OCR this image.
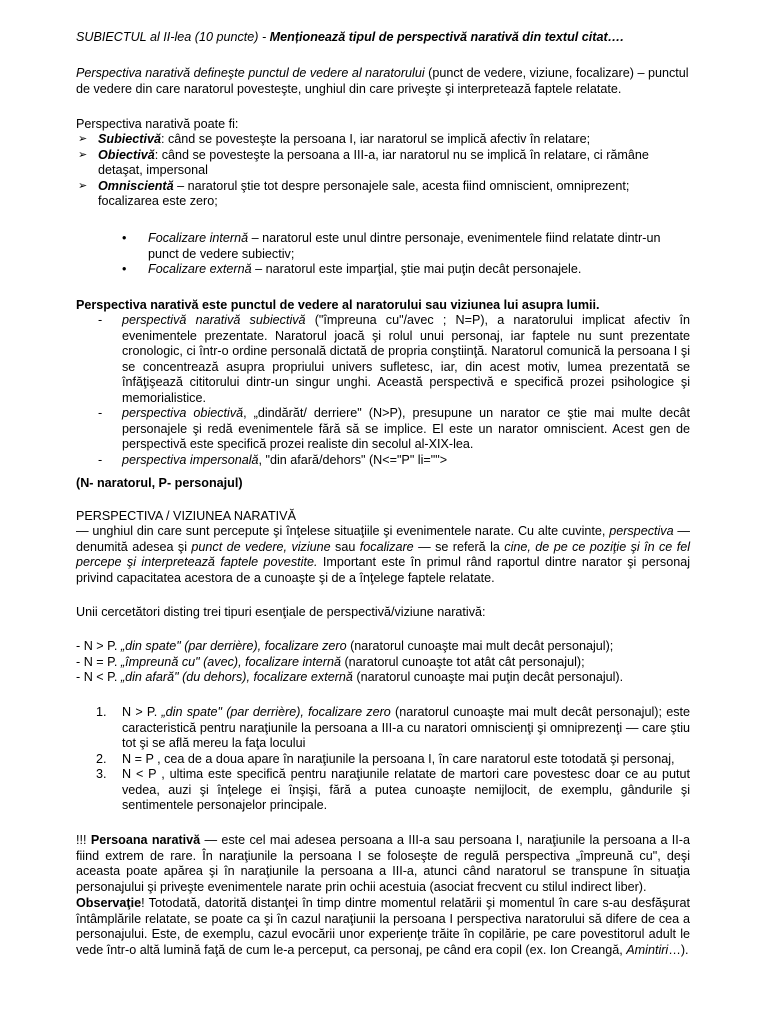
SUBIECTUL al II-lea (10 puncte) - Menționează tipul de perspectivă narativă din textul citat….

Perspectiva narativă defineşte punctul de vedere al naratorului (punct de vedere, viziune, focalizare) – punctul de vedere din care naratorul povesteşte, unghiul din care priveşte şi interpretează faptele relatate.

Perspectiva narativă poate fi:

➢ Subiectivă: când se povesteşte la persoana I, iar naratorul se implică afectiv în relatare;
➢ Obiectivă: când se povesteşte la persoana a III-a, iar naratorul nu se implică în relatare, ci rămâne detaşat, impersonal
➢ Omniscientă – naratorul ştie tot despre personajele sale, acesta fiind omniscient, omniprezent; focalizarea este zero;
• Focalizare internă – naratorul este unul dintre personaje, evenimentele fiind relatate dintr-un punct de vedere subiectiv;
• Focalizare externă – naratorul este imparţial, ştie mai puţin decât personajele.

Perspectiva narativă este punctul de vedere al naratorului sau viziunea lui asupra lumii.

- perspectivă narativă subiectivă ("împreuna cu"/avec ; N=P), a naratorului implicat afectiv în evenimentele prezentate. Naratorul joacă şi rolul unui personaj, iar faptele nu sunt prezentate cronologic, ci într-o ordine personală dictată de propria conştiinţă. Naratorul comunică la persoana I şi se concentrează asupra propriului univers sufletesc, iar, din acest motiv, lumea prezentată se înfăţişează cititorului dintr-un singur unghi. Această perspectivă e specifică prozei psihologice şi memorialistice.
- perspectiva obiectivă, „dindărăt/ derriere" (N>P), presupune un narator ce ştie mai multe decât personajele şi redă evenimentele fără să se implice. El este un narator omniscient. Acest gen de perspectivă este specifică prozei realiste din secolul al-XIX-lea.
- perspectiva impersonală, "din afară/dehors" (N<="P" li="">

(N- naratorul, P- personajul)

PERSPECTIVA / VIZIUNEA NARATIVĂ

— unghiul din care sunt percepute şi înţelese situaţiile şi evenimentele narate. Cu alte cuvinte, perspectiva — denumită adesea şi punct de vedere, viziune sau focalizare — se referă la cine, de pe ce poziţie şi în ce fel percepe şi interpretează faptele povestite. Important este în primul rând raportul dintre narator şi personaj privind capacitatea acestora de a cunoaşte şi de a înţelege faptele relatate.

Unii cercetători disting trei tipuri esenţiale de perspectivă/viziune narativă:

- N > P. „din spate" (par derrière), focalizare zero (naratorul cunoaşte mai mult decât personajul);

- N = P. „împreună cu" (avec), focalizare internă (naratorul cunoaşte tot atât cât personajul);

- N < P. „din afară" (du dehors), focalizare externă (naratorul cunoaşte mai puţin decât personajul).

1. N > P. „din spate" (par derrière), focalizare zero (naratorul cunoaşte mai mult decât personajul); este caracteristică pentru naraţiunile la persoana a III-a cu naratori omniscienţi şi omniprezenţi — care ştiu tot şi se află mereu la faţa locului
2. N = P , cea de a doua apare în naraţiunile la persoana I, în care naratorul este totodată şi personaj,
3. N < P , ultima este specifică pentru naraţiunile relatate de martori care povestesc doar ce au putut vedea, auzi şi înţelege ei înşişi, fără a putea cunoaşte nemijlocit, de exemplu, gândurile şi sentimentele personajelor principale.

!!! Persoana narativă — este cel mai adesea persoana a III-a sau persoana I, naraţiunile la persoana a II-a fiind extrem de rare. În naraţiunile la persoana I se foloseşte de regulă perspectiva „împreună cu", deşi aceasta poate apărea şi în naraţiunile la persoana a III-a, atunci când naratorul se transpune în situaţia personajului şi priveşte evenimentele narate prin ochii acestuia (asociat frecvent cu stilul indirect liber).

Observaţie! Totodată, datorită distanţei în timp dintre momentul relatării şi momentul în care s-au desfăşurat întâmplările relatate, se poate ca şi în cazul naraţiunii la persoana I perspectiva naratorului să difere de cea a personajului. Este, de exemplu, cazul evocării unor experienţe trăite în copilărie, pe care povestitorul adult le vede într-o altă lumină faţă de cum le-a perceput, ca personaj, pe când era copil (ex. Ion Creangă, Amintiri…).
